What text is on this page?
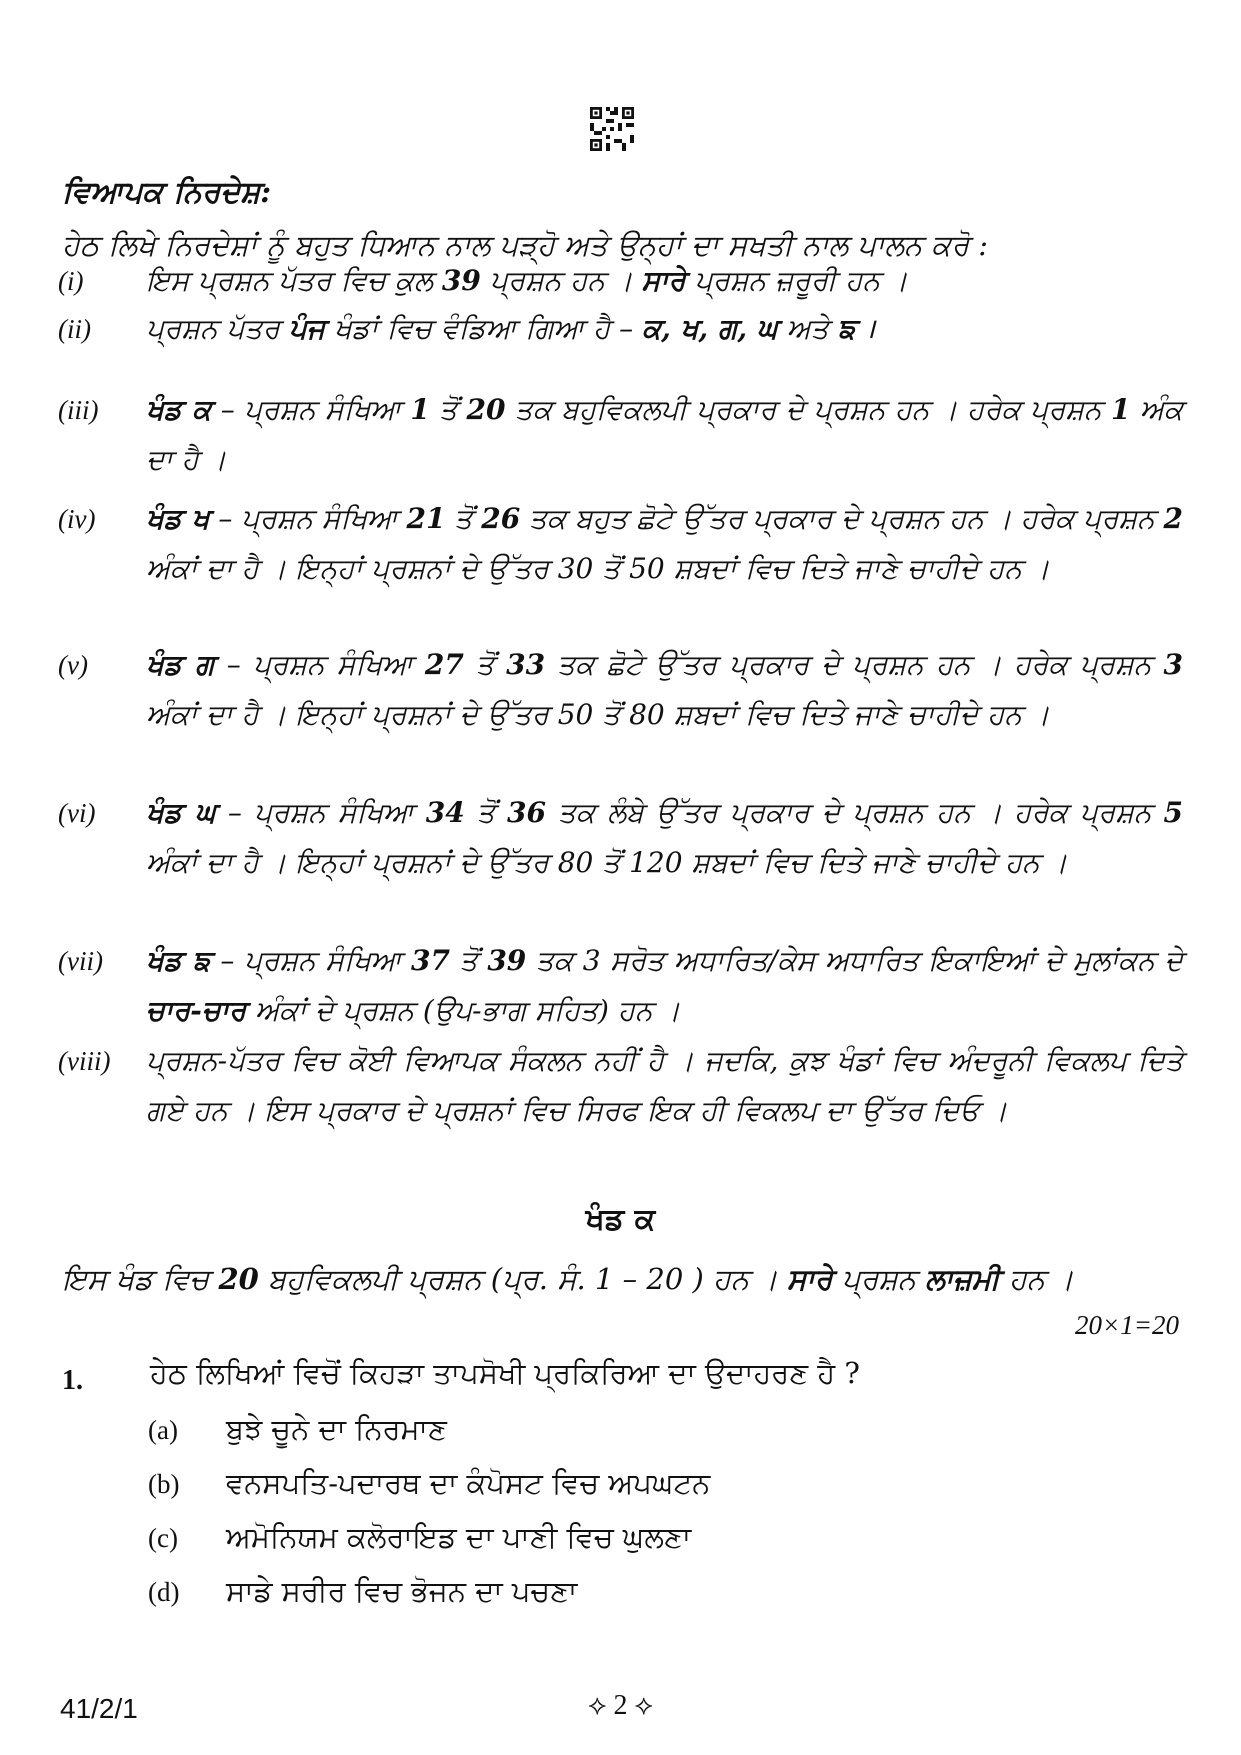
ਵਿਆਪਕ ਨਿਰਦੇਸ਼:
ਹੇਠ ਲਿਖੇ ਨਿਰਦੇਸ਼ਾਂ ਨੂੰ ਬਹੁਤ ਧਿਆਨ ਨਾਲ ਪੜ੍ਹੋ ਅਤੇ ਉਨ੍ਹਾਂ ਦਾ ਸਖਤੀ ਨਾਲ ਪਾਲਨ ਕਰੋ :
(i) ਇਸ ਪ੍ਰਸ਼ਨ ਪੱਤਰ ਵਿਚ ਕੁਲ 39 ਪ੍ਰਸ਼ਨ ਹਨ । ਸਾਰੇ ਪ੍ਰਸ਼ਨ ਜ਼ਰੂਰੀ ਹਨ ।
(ii) ਪ੍ਰਸ਼ਨ ਪੱਤਰ ਪੰਜ ਖੰਡਾਂ ਵਿਚ ਵੰਡਿਆ ਗਿਆ ਹੈ – ਕ, ਖ, ਗ, ਘ ਅਤੇ ਙ ।
(iii) ਖੰਡ ਕ – ਪ੍ਰਸ਼ਨ ਸੰਖਿਆ 1 ਤੋਂ 20 ਤਕ ਬਹੁਵਿਕਲਪੀ ਪ੍ਰਕਾਰ ਦੇ ਪ੍ਰਸ਼ਨ ਹਨ । ਹਰੇਕ ਪ੍ਰਸ਼ਨ 1 ਅੰਕ ਦਾ ਹੈ ।
(iv) ਖੰਡ ਖ – ਪ੍ਰਸ਼ਨ ਸੰਖਿਆ 21 ਤੋਂ 26 ਤਕ ਬਹੁਤ ਛੋਟੇ ਉੱਤਰ ਪ੍ਰਕਾਰ ਦੇ ਪ੍ਰਸ਼ਨ ਹਨ । ਹਰੇਕ ਪ੍ਰਸ਼ਨ 2 ਅੰਕਾਂ ਦਾ ਹੈ । ਇਨ੍ਹਾਂ ਪ੍ਰਸ਼ਨਾਂ ਦੇ ਉੱਤਰ 30 ਤੋਂ 50 ਸ਼ਬਦਾਂ ਵਿਚ ਦਿਤੇ ਜਾਣੇ ਚਾਹੀਦੇ ਹਨ ।
(v) ਖੰਡ ਗ – ਪ੍ਰਸ਼ਨ ਸੰਖਿਆ 27 ਤੋਂ 33 ਤਕ ਛੋਟੇ ਉੱਤਰ ਪ੍ਰਕਾਰ ਦੇ ਪ੍ਰਸ਼ਨ ਹਨ । ਹਰੇਕ ਪ੍ਰਸ਼ਨ 3 ਅੰਕਾਂ ਦਾ ਹੈ । ਇਨ੍ਹਾਂ ਪ੍ਰਸ਼ਨਾਂ ਦੇ ਉੱਤਰ 50 ਤੋਂ 80 ਸ਼ਬਦਾਂ ਵਿਚ ਦਿਤੇ ਜਾਣੇ ਚਾਹੀਦੇ ਹਨ ।
(vi) ਖੰਡ ਘ – ਪ੍ਰਸ਼ਨ ਸੰਖਿਆ 34 ਤੋਂ 36 ਤਕ ਲੰਬੇ ਉੱਤਰ ਪ੍ਰਕਾਰ ਦੇ ਪ੍ਰਸ਼ਨ ਹਨ । ਹਰੇਕ ਪ੍ਰਸ਼ਨ 5 ਅੰਕਾਂ ਦਾ ਹੈ । ਇਨ੍ਹਾਂ ਪ੍ਰਸ਼ਨਾਂ ਦੇ ਉੱਤਰ 80 ਤੋਂ 120 ਸ਼ਬਦਾਂ ਵਿਚ ਦਿਤੇ ਜਾਣੇ ਚਾਹੀਦੇ ਹਨ ।
(vii) ਖੰਡ ਙ – ਪ੍ਰਸ਼ਨ ਸੰਖਿਆ 37 ਤੋਂ 39 ਤਕ 3 ਸਰੋਤ ਅਧਾਰਿਤ/ਕੇਸ ਅਧਾਰਿਤ ਇਕਾਇਆਂ ਦੇ ਮੁਲਾਂਕਨ ਦੇ ਚਾਰ-ਚਾਰ ਅੰਕਾਂ ਦੇ ਪ੍ਰਸ਼ਨ (ਉਪ-ਭਾਗ ਸਹਿਤ) ਹਨ ।
(viii) ਪ੍ਰਸ਼ਨ-ਪੱਤਰ ਵਿਚ ਕੋਈ ਵਿਆਪਕ ਸੰਕਲਨ ਨਹੀਂ ਹੈ । ਜਦਕਿ, ਕੁਝ ਖੰਡਾਂ ਵਿਚ ਅੰਦਰੂਨੀ ਵਿਕਲਪ ਦਿਤੇ ਗਏ ਹਨ । ਇਸ ਪ੍ਰਕਾਰ ਦੇ ਪ੍ਰਸ਼ਨਾਂ ਵਿਚ ਸਿਰਫ ਇਕ ਹੀ ਵਿਕਲਪ ਦਾ ਉੱਤਰ ਦਿਓ ।
ਖੰਡ ਕ
ਇਸ ਖੰਡ ਵਿਚ 20 ਬਹੁਵਿਕਲਪੀ ਪ੍ਰਸ਼ਨ (ਪ੍ਰ. ਸੰ. 1 – 20 ) ਹਨ । ਸਾਰੇ ਪ੍ਰਸ਼ਨ ਲਾਜ਼ਮੀ ਹਨ ।
20×1=20
1. ਹੇਠ ਲਿਖਿਆਂ ਵਿਚੋਂ ਕਿਹੜਾ ਤਾਪਸੋਖੀ ਪ੍ਰਕਿਰਿਆ ਦਾ ਉਦਾਹਰਣ ਹੈ ?
(a) ਬੁਝੇ ਚੂਨੇ ਦਾ ਨਿਰਮਾਣ
(b) ਵਨਸਪਤਿ-ਪਦਾਰਥ ਦਾ ਕੰਪੋਸਟ ਵਿਚ ਅਪਘਟਨ
(c) ਅਮੋਨਿਯਮ ਕਲੋਰਾਇਡ ਦਾ ਪਾਣੀ ਵਿਚ ਘੁਲਣਾ
(d) ਸਾਡੇ ਸਰੀਰ ਵਿਚ ਭੋਜਨ ਦਾ ਪਚਣਾ
41/2/1	⟡ 2 ⟡
